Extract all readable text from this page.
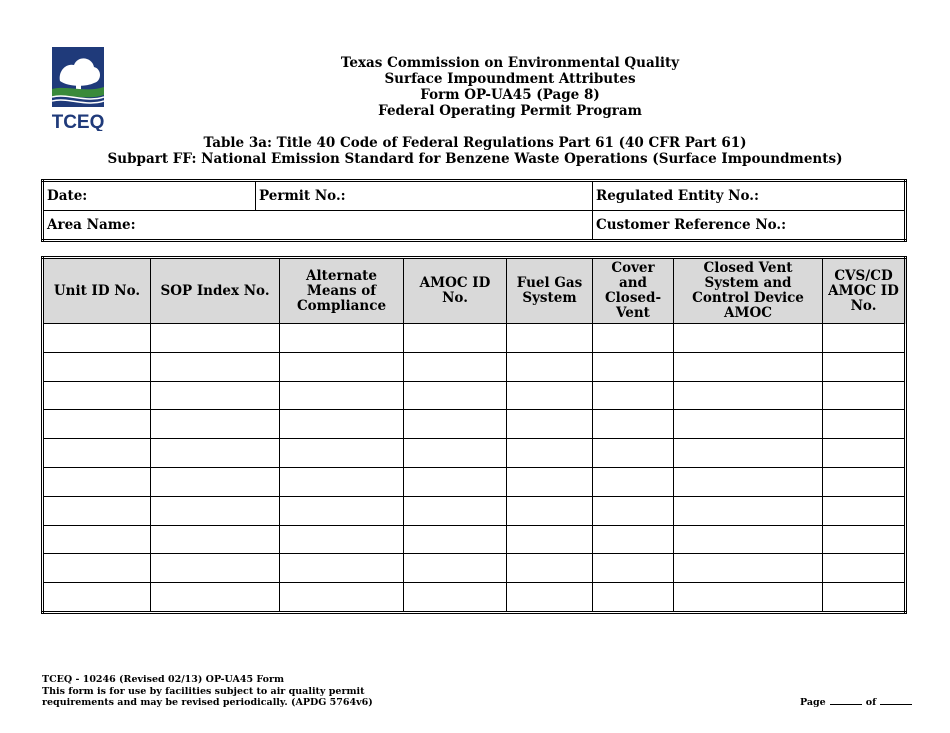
TCEQ
Texas Commission on Environmental Quality
Surface Impoundment Attributes
Form OP-UA45 (Page 8)
Federal Operating Permit Program
Table 3a: Title 40 Code of Federal Regulations Part 61 (40 CFR Part 61)
Subpart FF: National Emission Standard for Benzene Waste Operations (Surface Impoundments)
Date:	Permit No.:	Regulated Entity No.:
Area Name:		Customer Reference No.:
Unit ID No.	SOP Index No.	Alternate Means of Compliance	AMOC ID No.	Fuel Gas System	Cover and Closed-Vent	Closed Vent System and Control Device AMOC	CVS/CD AMOC ID No.

TCEQ - 10246 (Revised 02/13) OP-UA45 Form
This form is for use by facilities subject to air quality permit
requirements and may be revised periodically. (APDG 5764v6)	Page	of
